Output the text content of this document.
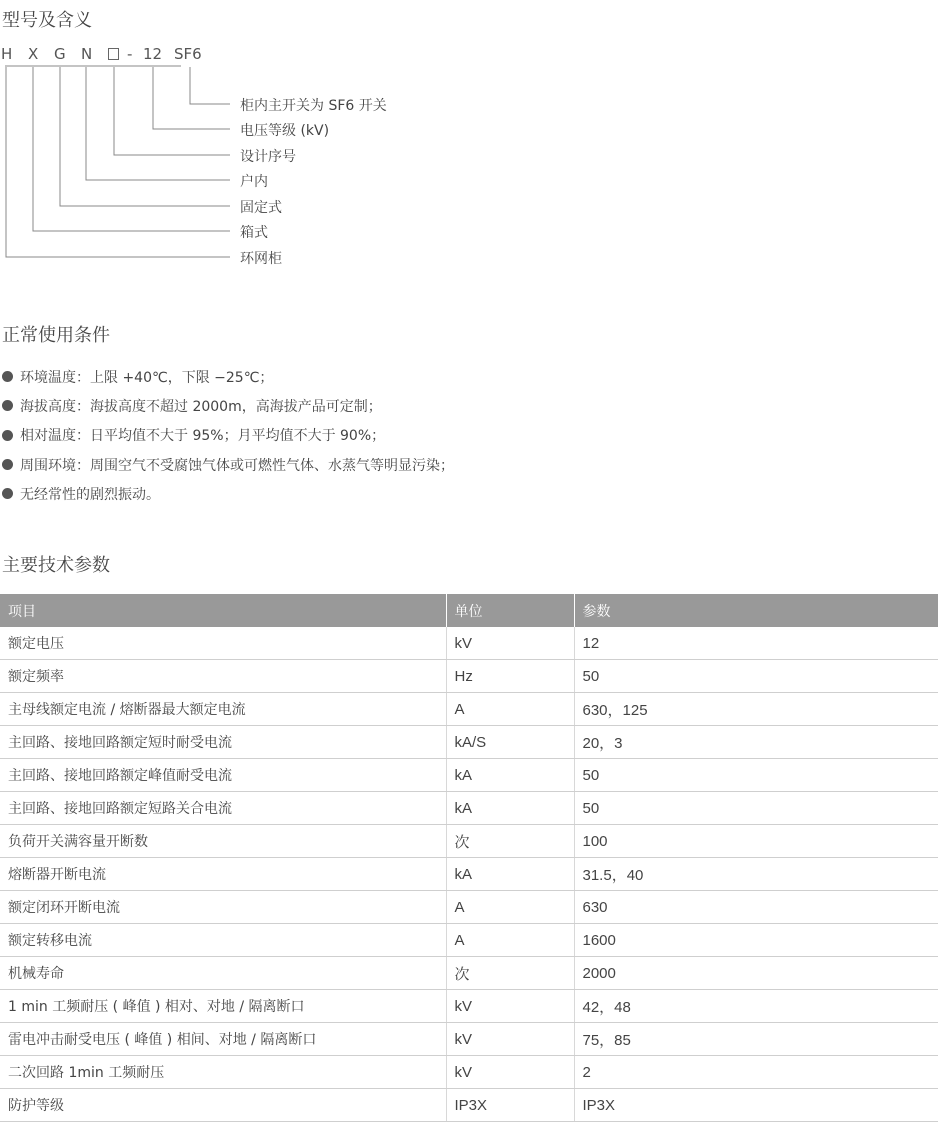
型号及含义
H X G N - 12 SF6
柜内主开关为 SF6 开关
电压等级 (kV)
设计序号
户内
固定式
箱式
环网柜
正常使用条件
环境温度：上限 +40℃，下限 −25℃；
海拔高度：海拔高度不超过 2000m，高海拔产品可定制；
相对温度：日平均值不大于 95%；月平均值不大于 90%；
周围环境：周围空气不受腐蚀气体或可燃性气体、水蒸气等明显污染；
无经常性的剧烈振动。
主要技术参数
项目	单位	参数
额定电压	kV	12
额定频率	Hz	50
主母线额定电流 / 熔断器最大额定电流	A	630，125
主回路、接地回路额定短时耐受电流	kA/S	20，3
主回路、接地回路额定峰值耐受电流	kA	50
主回路、接地回路额定短路关合电流	kA	50
负荷开关满容量开断数	次	100
熔断器开断电流	kA	31.5，40
额定闭环开断电流	A	630
额定转移电流	A	1600
机械寿命	次	2000
1 min 工频耐压 ( 峰值 ) 相对、对地 / 隔离断口	kV	42，48
雷电冲击耐受电压 ( 峰值 ) 相间、对地 / 隔离断口	kV	75，85
二次回路 1min 工频耐压	kV	2
防护等级	IP3X	IP3X
